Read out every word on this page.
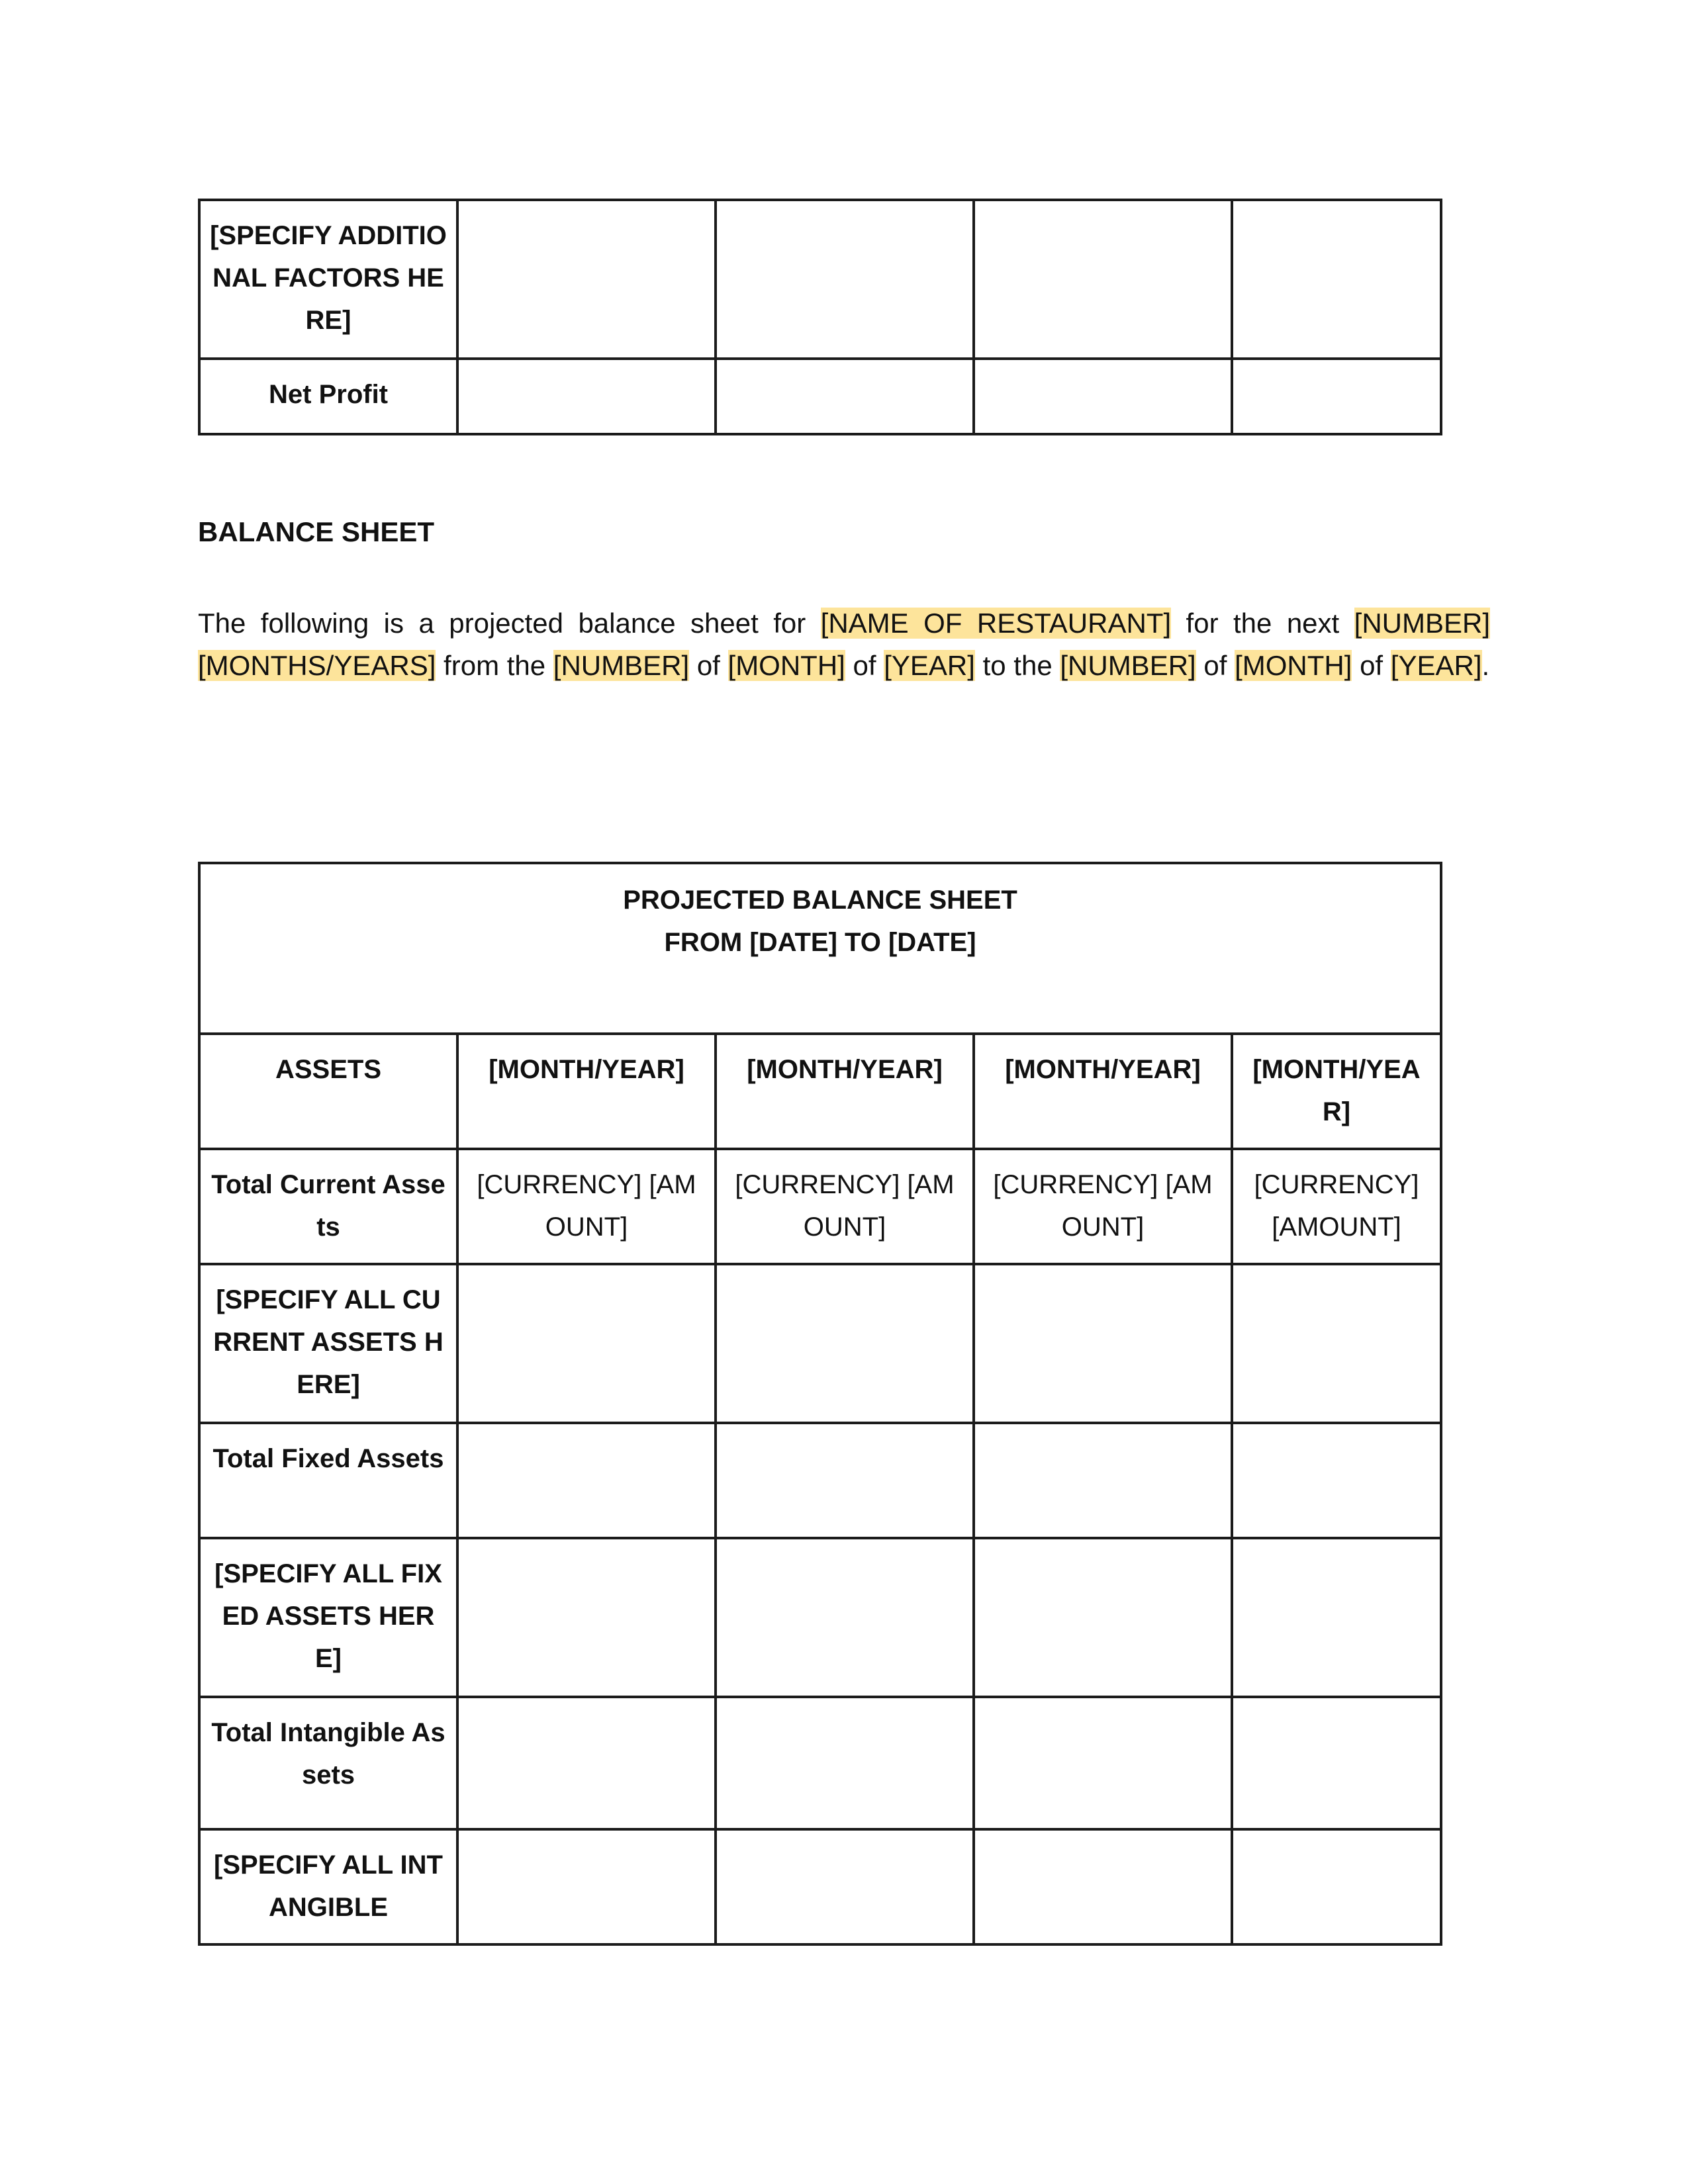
[SPECIFY ADDITIONAL FACTORS HERE]				
Net Profit				
BALANCE SHEET
The following is a projected balance sheet for [NAME OF RESTAURANT] for the next [NUMBER] [MONTHS/YEARS] from the [NUMBER] of [MONTH] of [YEAR] to the [NUMBER] of [MONTH] of [YEAR].
PROJECTED BALANCE SHEET
FROM [DATE] TO [DATE]				

ASSETS	[MONTH/YEAR]	[MONTH/YEAR]	[MONTH/YEAR]	[MONTH/YEAR]
Total Current Assets	[CURRENCY] [AMOUNT]	[CURRENCY] [AMOUNT]	[CURRENCY] [AMOUNT]	[CURRENCY] [AMOUNT]
[SPECIFY ALL CURRENT ASSETS HERE]				
Total Fixed Assets				
[SPECIFY ALL FIXED ASSETS HERE]				
Total Intangible Assets				
[SPECIFY ALL INTANGIBLE				
